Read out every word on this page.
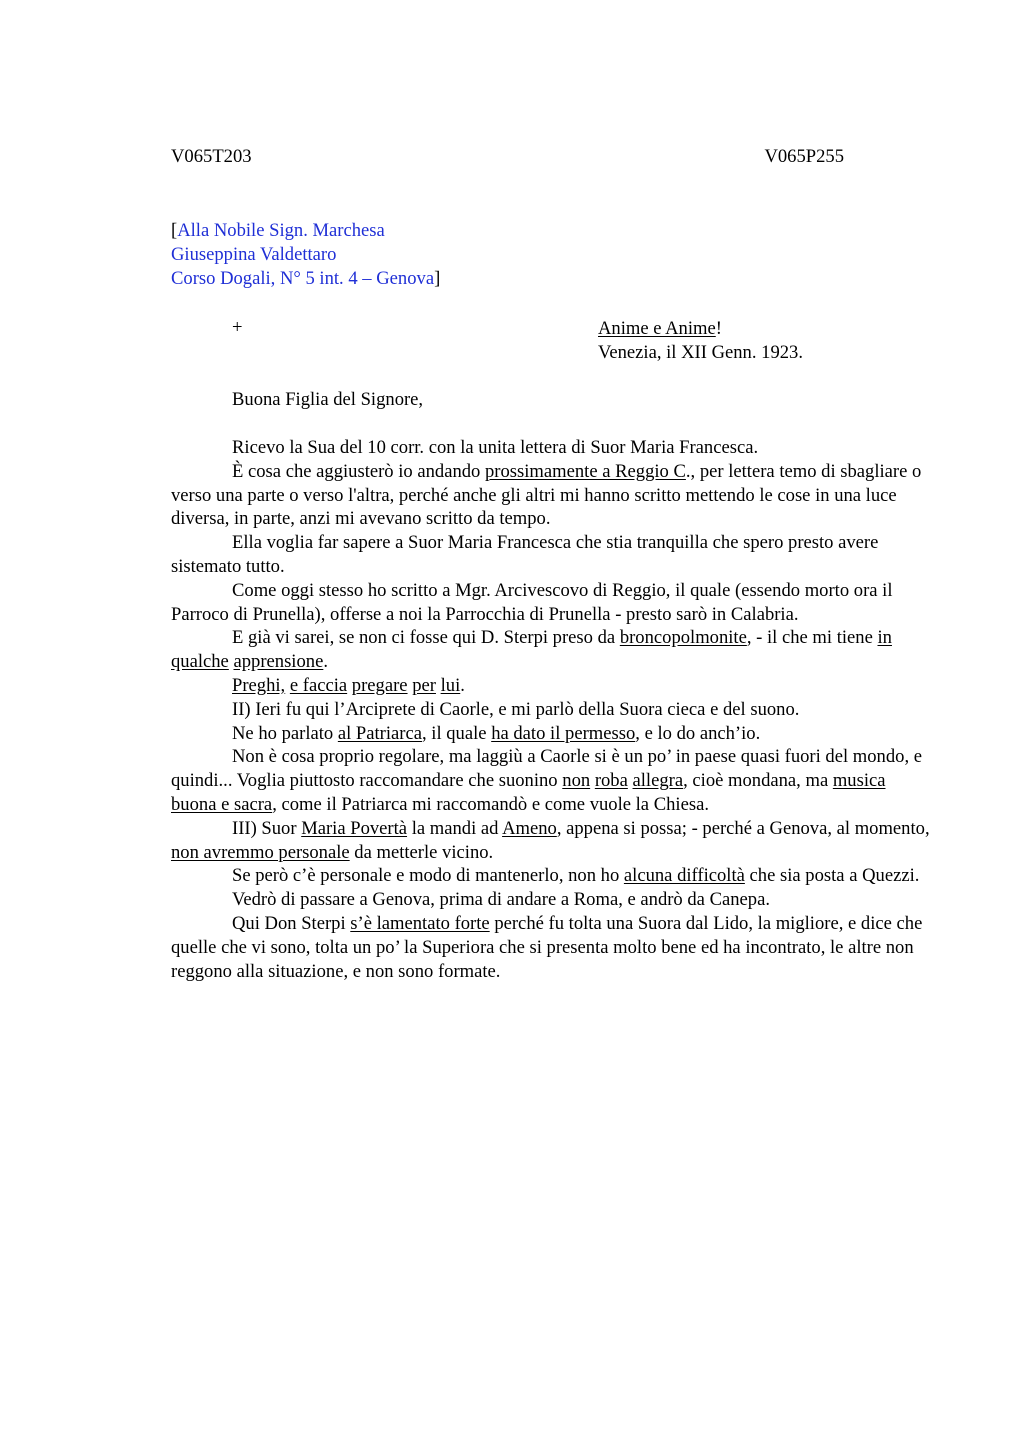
V065T203	V065P255
[Alla Nobile Sign. Marchesa
Giuseppina Valdettaro
Corso Dogali, N° 5 int. 4 – Genova]
+	Anime e Anime!
Venezia, il XII Genn. 1923.
Buona Figlia del Signore,

Ricevo la Sua del 10 corr. con la unita lettera di Suor Maria Francesca.

È cosa che aggiusterò io andando prossimamente a Reggio C., per lettera temo di sbagliare o verso una parte o verso l'altra, perché anche gli altri mi hanno scritto mettendo le cose in una luce diversa, in parte, anzi mi avevano scritto da tempo.

Ella voglia far sapere a Suor Maria Francesca che stia tranquilla che spero presto avere sistemato tutto.

Come oggi stesso ho scritto a Mgr. Arcivescovo di Reggio, il quale (essendo morto ora il Parroco di Prunella), offerse a noi la Parrocchia di Prunella - presto sarò in Calabria.

E già vi sarei, se non ci fosse qui D. Sterpi preso da broncopolmonite, - il che mi tiene in qualche apprensione.

Preghi, e faccia pregare per lui.

II) Ieri fu qui l’Arciprete di Caorle, e mi parlò della Suora cieca e del suono.

Ne ho parlato al Patriarca, il quale ha dato il permesso, e lo do anch’io.

Non è cosa proprio regolare, ma laggiù a Caorle si è un po’ in paese quasi fuori del mondo, e quindi... Voglia piuttosto raccomandare che suonino non roba allegra, cioè mondana, ma musica buona e sacra, come il Patriarca mi raccomandò e come vuole la Chiesa.

III) Suor Maria Povertà la mandi ad Ameno, appena si possa; - perché a Genova, al momento, non avremmo personale da metterle vicino.

Se però c’è personale e modo di mantenerlo, non ho alcuna difficoltà che sia posta a Quezzi.

Vedrò di passare a Genova, prima di andare a Roma, e andrò da Canepa.

Qui Don Sterpi s’è lamentato forte perché fu tolta una Suora dal Lido, la migliore, e dice che quelle che vi sono, tolta un po’ la Superiora che si presenta molto bene ed ha incontrato, le altre non reggono alla situazione, e non sono formate.
